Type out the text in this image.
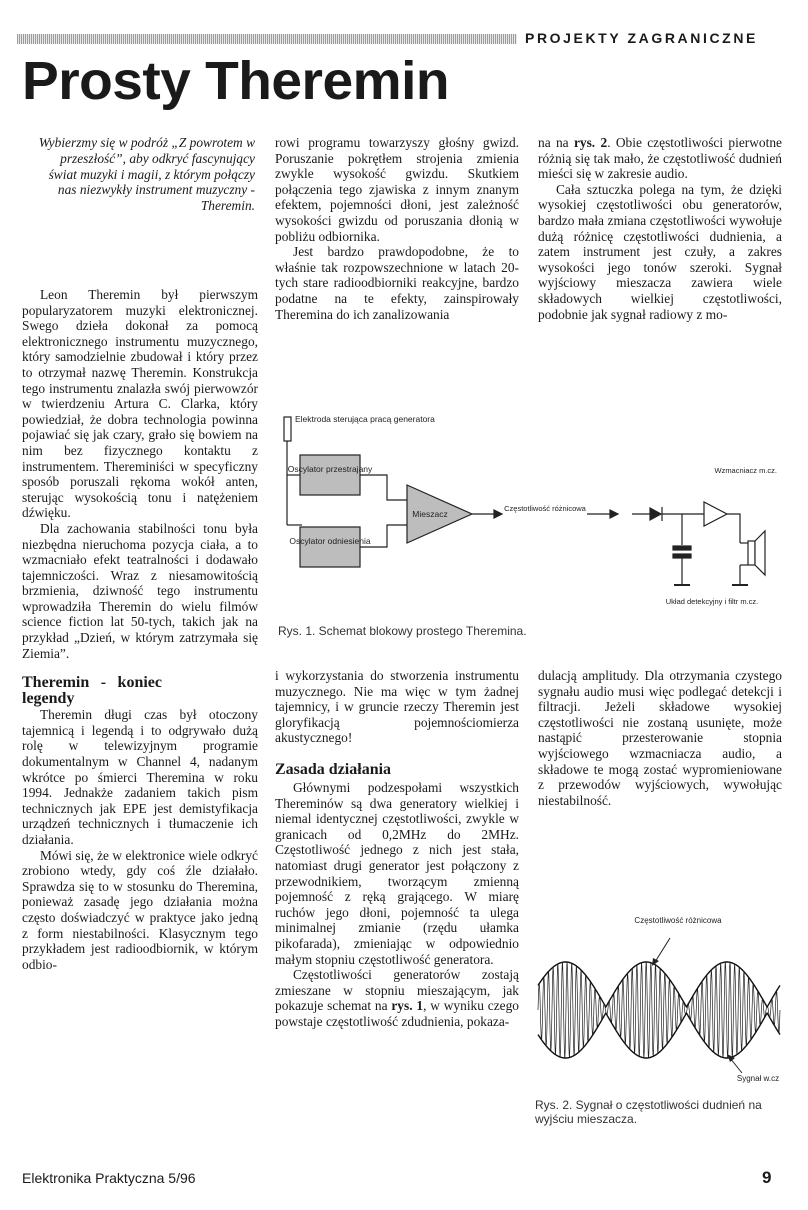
PROJEKTY ZAGRANICZNE
Prosty Theremin
Wybierzmy się w podróż „Z powrotem w przeszłość”, aby odkryć fascynujący świat muzyki i magii, z którym połączy nas niezwykły instrument muzyczny - Theremin.

Leon Theremin był pierwszym popularyzatorem muzyki elektronicznej. Swego dzieła dokonał za pomocą elektronicznego instrumentu muzycznego, który samodzielnie zbudował i który przez to otrzymał nazwę Theremin. Konstrukcja tego instrumentu znalazła swój pierwowzór w twierdzeniu Artura C. Clarka, który powiedział, że dobra technologia powinna pojawiać się jak czary, grało się bowiem na nim bez fizycznego kontaktu z instrumentem. Thereminiści w specyficzny sposób poruszali rękoma wokół anten, sterując wysokością tonu i natężeniem dźwięku.

Dla zachowania stabilności tonu była niezbędna nieruchoma pozycja ciała, a to wzmacniało efekt teatralności i dodawało tajemniczości. Wraz z niesamowitością brzmienia, dziwność tego instrumentu wprowadziła Theremin do wielu filmów science fiction lat 50-tych, takich jak na przykład „Dzień, w którym zatrzymała się Ziemia”.

Theremin - koniec legendy

Theremin długi czas był otoczony tajemnicą i legendą i to odgrywało dużą rolę w telewizyjnym programie dokumentalnym w Channel 4, nadanym wkrótce po śmierci Theremina w roku 1994. Jednakże zadaniem takich pism technicznych jak EPE jest demistyfikacja urządzeń technicznych i tłumaczenie ich działania.

Mówi się, że w elektronice wiele odkryć zrobiono wtedy, gdy coś źle działało. Sprawdza się to w stosunku do Theremina, ponieważ zasadę jego działania można często doświadczyć w praktyce jako jedną z form niestabilności. Klasycznym tego przykładem jest radioodbiornik, w którym odbio-

rowi programu towarzyszy głośny gwizd. Poruszanie pokrętłem strojenia zmienia zwykle wysokość gwizdu. Skutkiem połączenia tego zjawiska z innym znanym efektem, pojemności dłoni, jest zależność wysokości gwizdu od poruszania dłonią w pobliżu odbiornika.

Jest bardzo prawdopodobne, że to właśnie tak rozpowszechnione w latach 20-tych stare radioodbiorniki reakcyjne, bardzo podatne na te efekty, zainspirowały Theremina do ich zanalizowania

na na rys. 2. Obie częstotliwości pierwotne różnią się tak mało, że częstotliwość dudnień mieści się w zakresie audio.

Cała sztuczka polega na tym, że dzięki wysokiej częstotliwości obu generatorów, bardzo mała zmiana częstotliwości wywołuje dużą różnicę częstotliwości dudnienia, a zatem instrument jest czuły, a zakres wysokości jego tonów szeroki. Sygnał wyjściowy mieszacza zawiera wiele składowych wielkiej częstotliwości, podobnie jak sygnał radiowy z mo-

Elektroda sterująca pracą generatora
Oscylator przestrajany
Oscylator odniesienia
Mieszacz
Częstotliwość różnicowa
Wzmacniacz m.cz.
Układ detekcyjny i filtr m.cz.
Rys. 1. Schemat blokowy prostego Theremina.

i wykorzystania do stworzenia instrumentu muzycznego. Nie ma więc w tym żadnej tajemnicy, i w gruncie rzeczy Theremin jest gloryfikacją pojemnościomierza akustycznego!

Zasada działania

Głównymi podzespołami wszystkich Thereminów są dwa generatory wielkiej i niemal identycznej częstotliwości, zwykle w granicach od 0,2MHz do 2MHz. Częstotliwość jednego z nich jest stała, natomiast drugi generator jest połączony z przewodnikiem, tworzącym zmienną pojemność z ręką grającego. W miarę ruchów jego dłoni, pojemność ta ulega minimalnej zmianie (rzędu ułamka pikofarada), zmieniając w odpowiednio małym stopniu częstotliwość generatora.

Częstotliwości generatorów zostają zmieszane w stopniu mieszającym, jak pokazuje schemat na rys. 1, w wyniku czego powstaje częstotliwość zdudnienia, pokaza-

dulacją amplitudy. Dla otrzymania czystego sygnału audio musi więc podlegać detekcji i filtracji. Jeżeli składowe wysokiej częstotliwości nie zostaną usunięte, może nastąpić przesterowanie stopnia wyjściowego wzmacniacza audio, a składowe te mogą zostać wypromieniowane z przewodów wyjściowych, wywołując niestabilność.

Częstotliwość różnicowa
Sygnał w.cz
Rys. 2. Sygnał o częstotliwości dudnień na wyjściu mieszacza.
Elektronika Praktyczna 5/96	9
